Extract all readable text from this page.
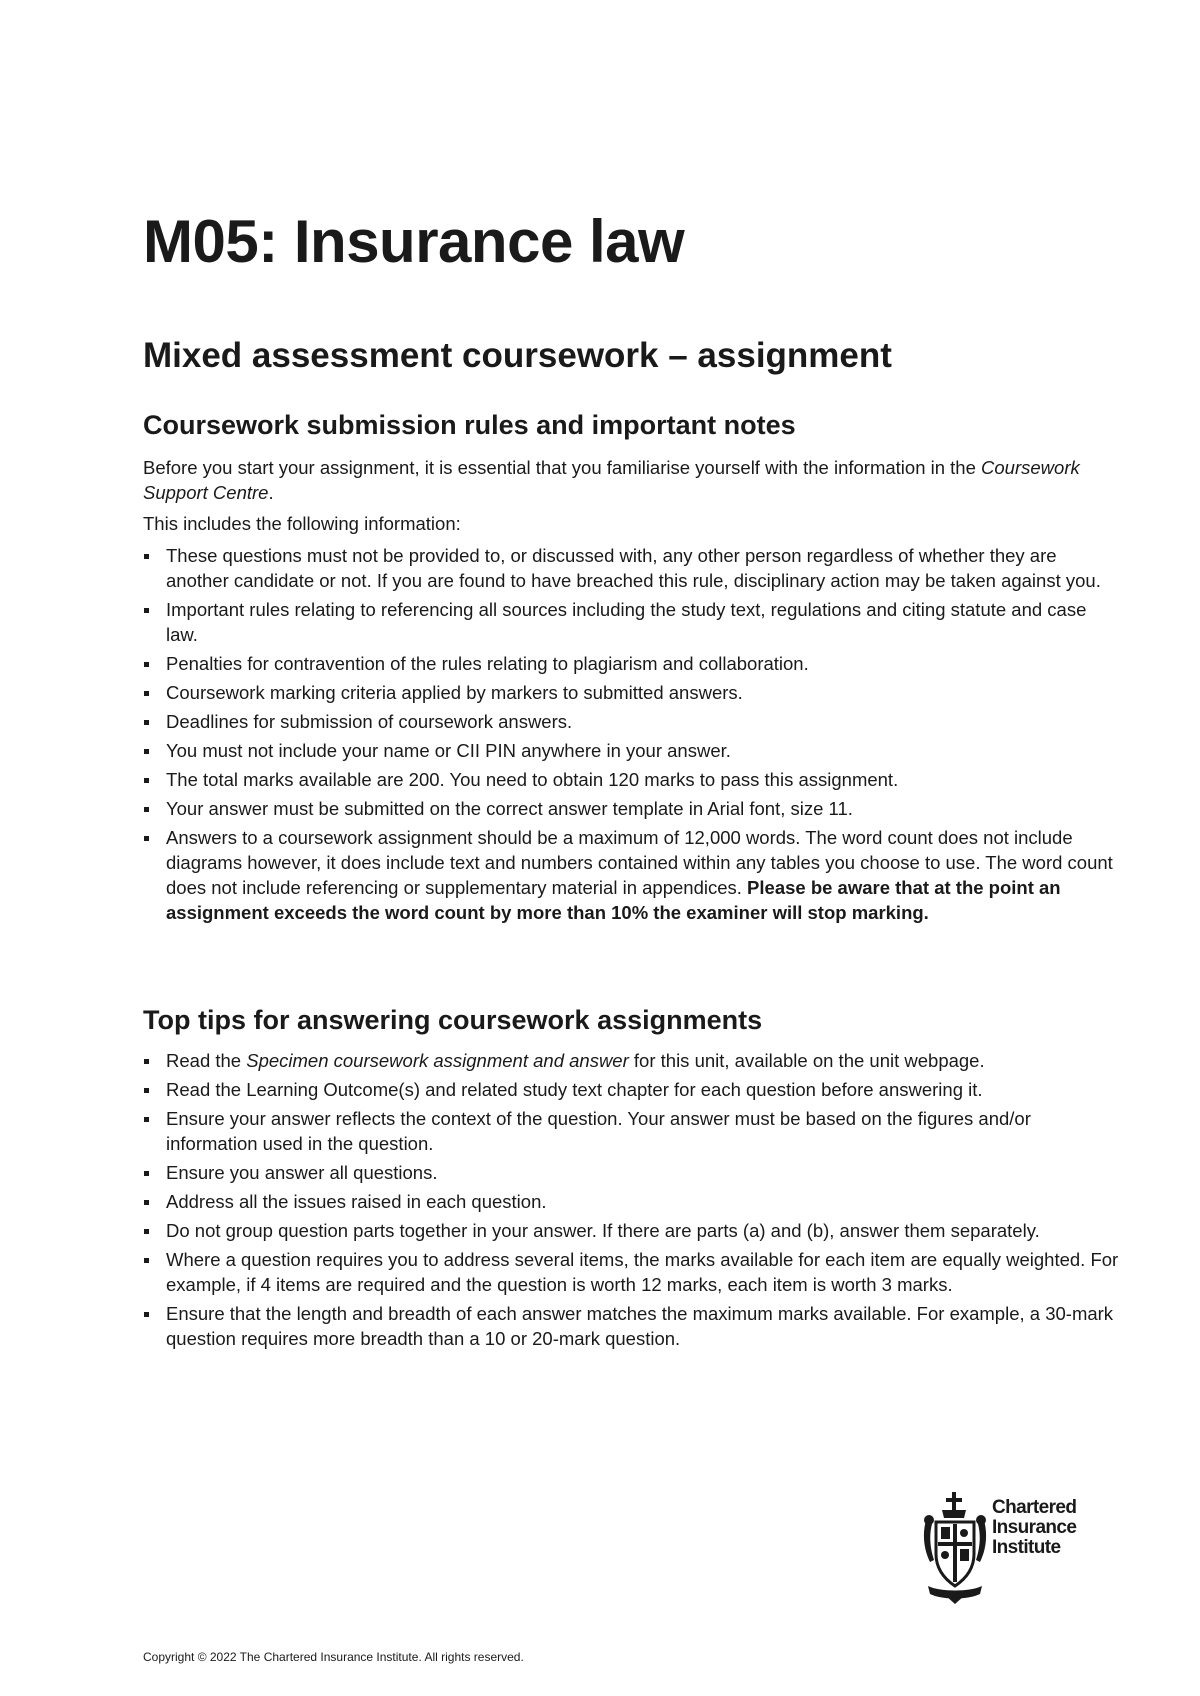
M05: Insurance law
Mixed assessment coursework – assignment
Coursework submission rules and important notes

Before you start your assignment, it is essential that you familiarise yourself with the information in the Coursework Support Centre.

This includes the following information:

These questions must not be provided to, or discussed with, any other person regardless of whether they are another candidate or not. If you are found to have breached this rule, disciplinary action may be taken against you.
Important rules relating to referencing all sources including the study text, regulations and citing statute and case law.
Penalties for contravention of the rules relating to plagiarism and collaboration.
Coursework marking criteria applied by markers to submitted answers.
Deadlines for submission of coursework answers.
You must not include your name or CII PIN anywhere in your answer.
The total marks available are 200. You need to obtain 120 marks to pass this assignment.
Your answer must be submitted on the correct answer template in Arial font, size 11.
Answers to a coursework assignment should be a maximum of 12,000 words. The word count does not include diagrams however, it does include text and numbers contained within any tables you choose to use. The word count does not include referencing or supplementary material in appendices. Please be aware that at the point an assignment exceeds the word count by more than 10% the examiner will stop marking.
Top tips for answering coursework assignments
Read the Specimen coursework assignment and answer for this unit, available on the unit webpage.
Read the Learning Outcome(s) and related study text chapter for each question before answering it.
Ensure your answer reflects the context of the question. Your answer must be based on the figures and/or information used in the question.
Ensure you answer all questions.
Address all the issues raised in each question.
Do not group question parts together in your answer. If there are parts (a) and (b), answer them separately.
Where a question requires you to address several items, the marks available for each item are equally weighted. For example, if 4 items are required and the question is worth 12 marks, each item is worth 3 marks.
Ensure that the length and breadth of each answer matches the maximum marks available. For example, a 30-mark question requires more breadth than a 10 or 20-mark question.
Chartered
Insurance
Institute
Copyright © 2022 The Chartered Insurance Institute. All rights reserved.
